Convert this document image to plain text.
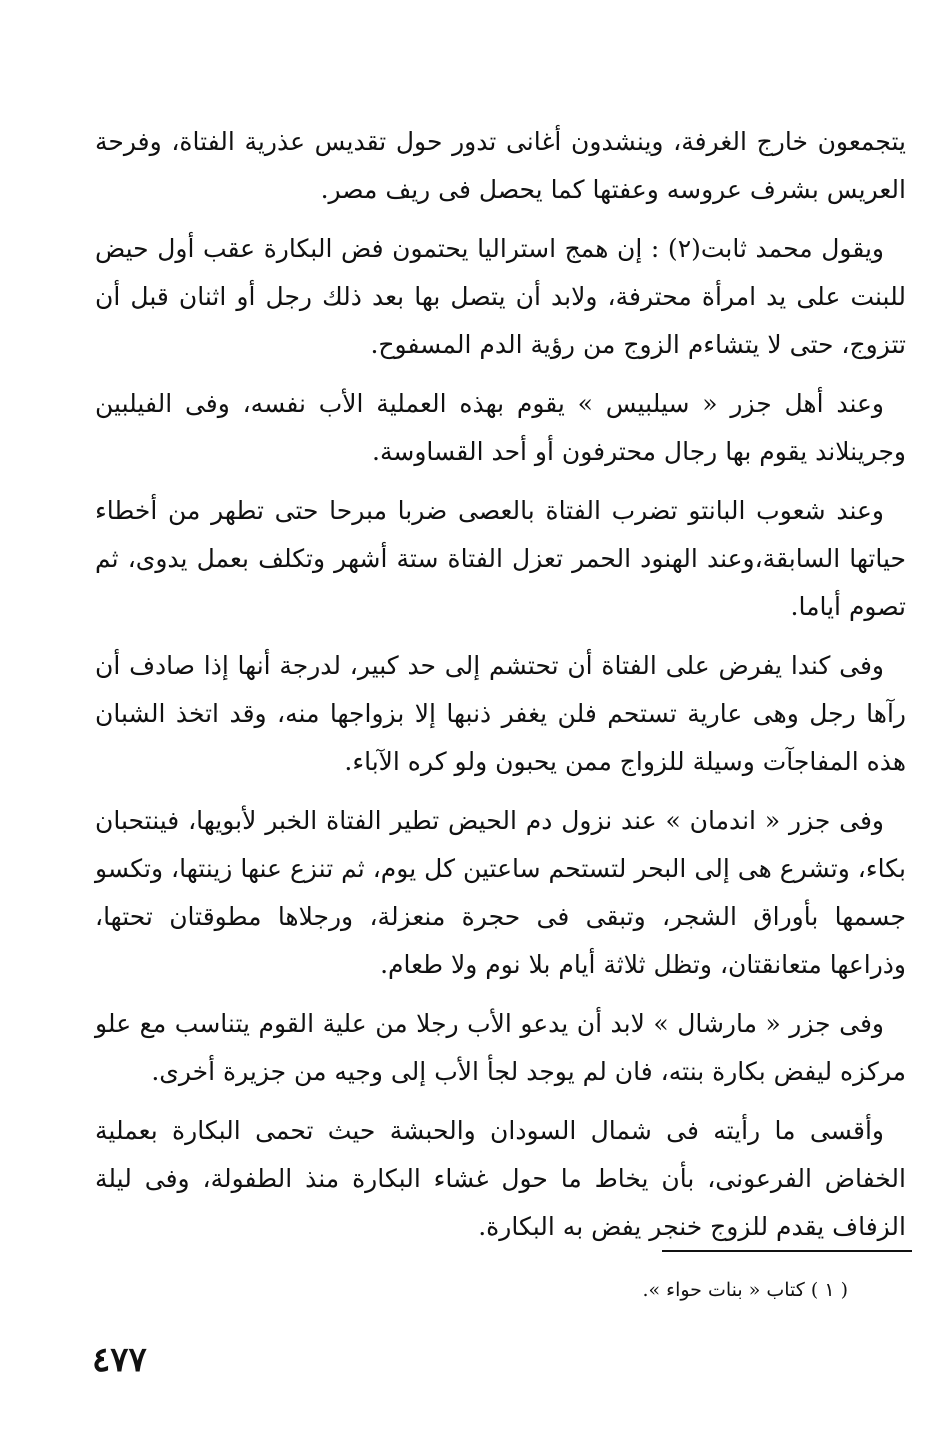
يتجمعون خارج الغرفة، وينشدون أغانى تدور حول تقديس عذرية الفتاة، وفرحة العريس بشرف عروسه وعفتها كما يحصل فى ريف مصر.

ويقول محمد ثابت(٢) : إن همج استراليا يحتمون فض البكارة عقب أول حيض للبنت على يد امرأة محترفة، ولابد أن يتصل بها بعد ذلك رجل أو اثنان قبل أن تتزوج، حتى لا يتشاءم الزوج من رؤية الدم المسفوح.

وعند أهل جزر « سيلبيس » يقوم بهذه العملية الأب نفسه، وفى الفيلبين وجرينلاند يقوم بها رجال محترفون أو أحد القساوسة.

وعند شعوب البانتو تضرب الفتاة بالعصى ضربا مبرحا حتى تطهر من أخطاء حياتها السابقة،وعند الهنود الحمر تعزل الفتاة ستة أشهر وتكلف بعمل يدوى، ثم تصوم أياما.

وفى كندا يفرض على الفتاة أن تحتشم إلى حد كبير، لدرجة أنها إذا صادف أن رآها رجل وهى عارية تستحم فلن يغفر ذنبها إلا بزواجها منه، وقد اتخذ الشبان هذه المفاجآت وسيلة للزواج ممن يحبون ولو كره الآباء.

وفى جزر « اندمان » عند نزول دم الحيض تطير الفتاة الخبر لأبويها، فينتحبان بكاء، وتشرع هى إلى البحر لتستحم ساعتين كل يوم، ثم تنزع عنها زينتها، وتكسو جسمها بأوراق الشجر، وتبقى فى حجرة منعزلة، ورجلاها مطوقتان تحتها، وذراعها متعانقتان، وتظل ثلاثة أيام بلا نوم ولا طعام.

وفى جزر « مارشال » لابد أن يدعو الأب رجلا من علية القوم يتناسب مع علو مركزه ليفض بكارة بنته، فان لم يوجد لجأ الأب إلى وجيه من جزيرة أخرى.

وأقسى ما رأيته فى شمال السودان والحبشة حيث تحمى البكارة بعملية الخفاض الفرعونى، بأن يخاط ما حول غشاء البكارة منذ الطفولة، وفى ليلة الزفاف يقدم للزوج خنجر يفض به البكارة.

( ١ ) كتاب « بنات حواء ».
٤٧٧
